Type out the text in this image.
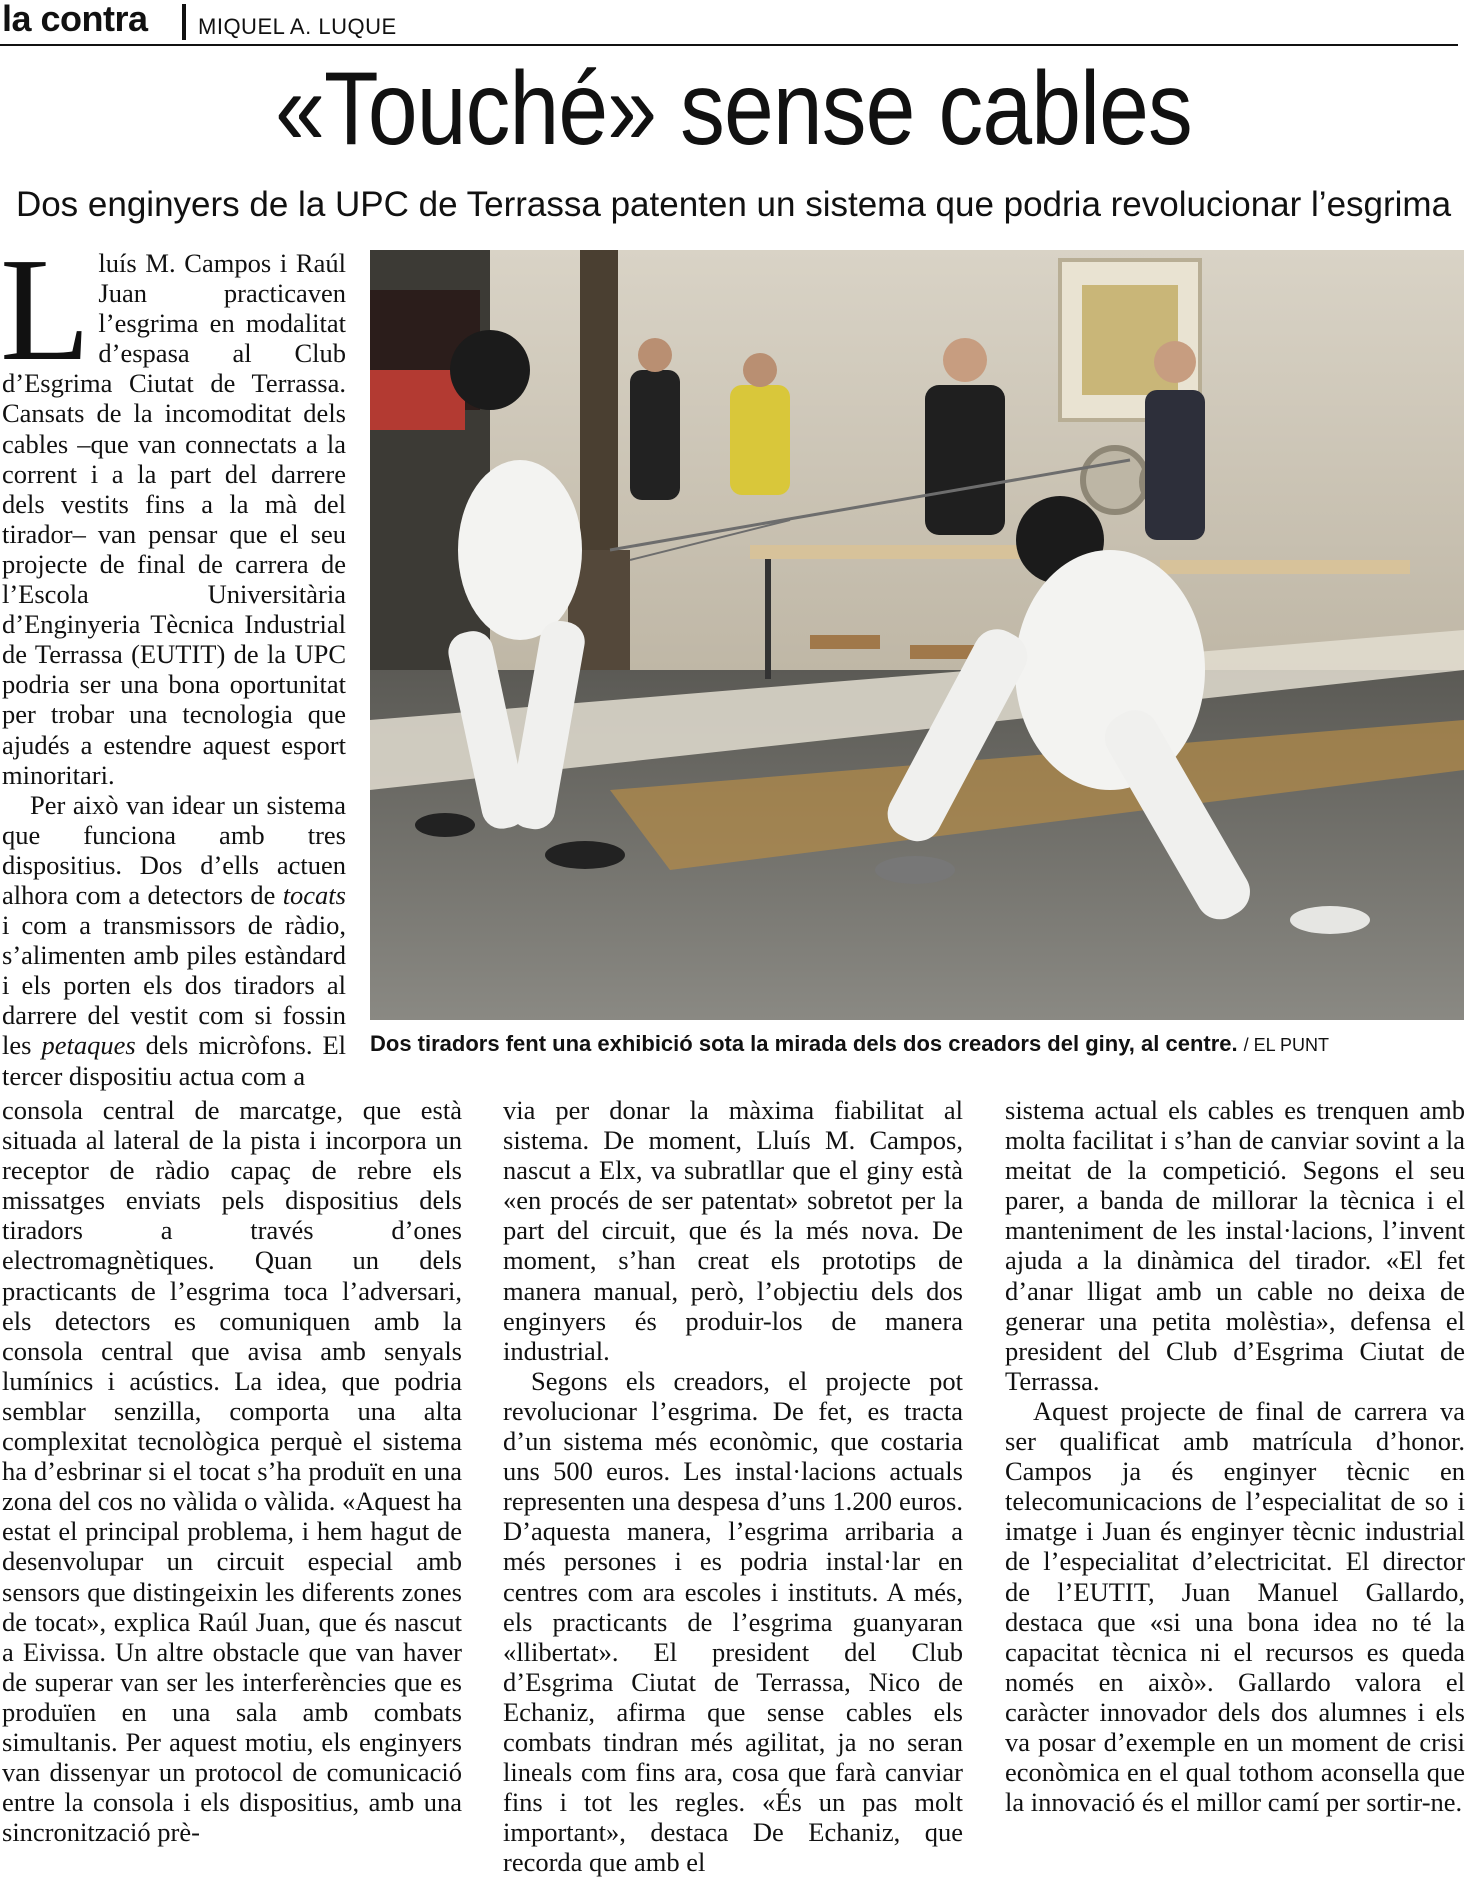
la contra MIQUEL A. LUQUE
«Touché» sense cables
Dos enginyers de la UPC de Terrassa patenten un sistema que podria revolucionar l’esgrima

Lluís M. Campos i Raúl Juan practicaven l’esgrima en modalitat d’espasa al Club d’Esgrima Ciutat de Terrassa. Cansats de la incomoditat dels cables –que van connectats a la corrent i a la part del darrere dels vestits fins a la mà del tirador– van pensar que el seu projecte de final de carrera de l’Escola Universitària d’Enginyeria Tècnica Industrial de Terrassa (EUTIT) de la UPC podria ser una bona oportunitat per trobar una tecnologia que ajudés a estendre aquest esport minoritari.

Per això van idear un sistema que funciona amb tres dispositius. Dos d’ells actuen alhora com a detectors de tocats i com a transmissors de ràdio, s’alimenten amb piles estàndard i els porten els dos tiradors al darrere del vestit com si fossin les petaques dels micròfons. El tercer dispositiu actua com a

consola central de marcatge, que està situada al lateral de la pista i incorpora un receptor de ràdio capaç de rebre els missatges enviats pels dispositius dels tiradors a través d’ones electromagnètiques. Quan un dels practicants de l’esgrima toca l’adversari, els detectors es comuniquen amb la consola central que avisa amb senyals lumínics i acústics. La idea, que podria semblar senzilla, comporta una alta complexitat tecnològica perquè el sistema ha d’esbrinar si el tocat s’ha produït en una zona del cos no vàlida o vàlida. «Aquest ha estat el principal problema, i hem hagut de desenvolupar un circuit especial amb sensors que distingeixin les diferents zones de tocat», explica Raúl Juan, que és nascut a Eivissa. Un altre obstacle que van haver de superar van ser les interferències que es produïen en una sala amb combats simultanis. Per aquest motiu, els enginyers van dissenyar un protocol de comunicació entre la consola i els dispositius, amb una sincronització prè-

via per donar la màxima fiabilitat al sistema. De moment, Lluís M. Campos, nascut a Elx, va subratllar que el giny està «en procés de ser patentat» sobretot per la part del circuit, que és la més nova. De moment, s’han creat els prototips de manera manual, però, l’objectiu dels dos enginyers és produir-los de manera industrial.

Segons els creadors, el projecte pot revolucionar l’esgrima. De fet, es tracta d’un sistema més econòmic, que costaria uns 500 euros. Les instal·lacions actuals representen una despesa d’uns 1.200 euros. D’aquesta manera, l’esgrima arribaria a més persones i es podria instal·lar en centres com ara escoles i instituts. A més, els practicants de l’esgrima guanyaran «llibertat». El president del Club d’Esgrima Ciutat de Terrassa, Nico de Echaniz, afirma que sense cables els combats tindran més agilitat, ja no seran lineals com fins ara, cosa que farà canviar fins i tot les regles. «És un pas molt important», destaca De Echaniz, que recorda que amb el

sistema actual els cables es trenquen amb molta facilitat i s’han de canviar sovint a la meitat de la competició. Segons el seu parer, a banda de millorar la tècnica i el manteniment de les instal·lacions, l’invent ajuda a la dinàmica del tirador. «El fet d’anar lligat amb un cable no deixa de generar una petita molèstia», defensa el president del Club d’Esgrima Ciutat de Terrassa.

Aquest projecte de final de carrera va ser qualificat amb matrícula d’honor. Campos ja és enginyer tècnic en telecomunicacions de l’especialitat de so i imatge i Juan és enginyer tècnic industrial de l’especialitat d’electricitat. El director de l’EUTIT, Juan Manuel Gallardo, destaca que «si una bona idea no té la capacitat tècnica ni el recursos es queda només en això». Gallardo valora el caràcter innovador dels dos alumnes i els va posar d’exemple en un moment de crisi econòmica en el qual tothom aconsella que la innovació és el millor camí per sortir-ne.

Dos tiradors fent una exhibició sota la mirada dels dos creadors del giny, al centre. / EL PUNT
